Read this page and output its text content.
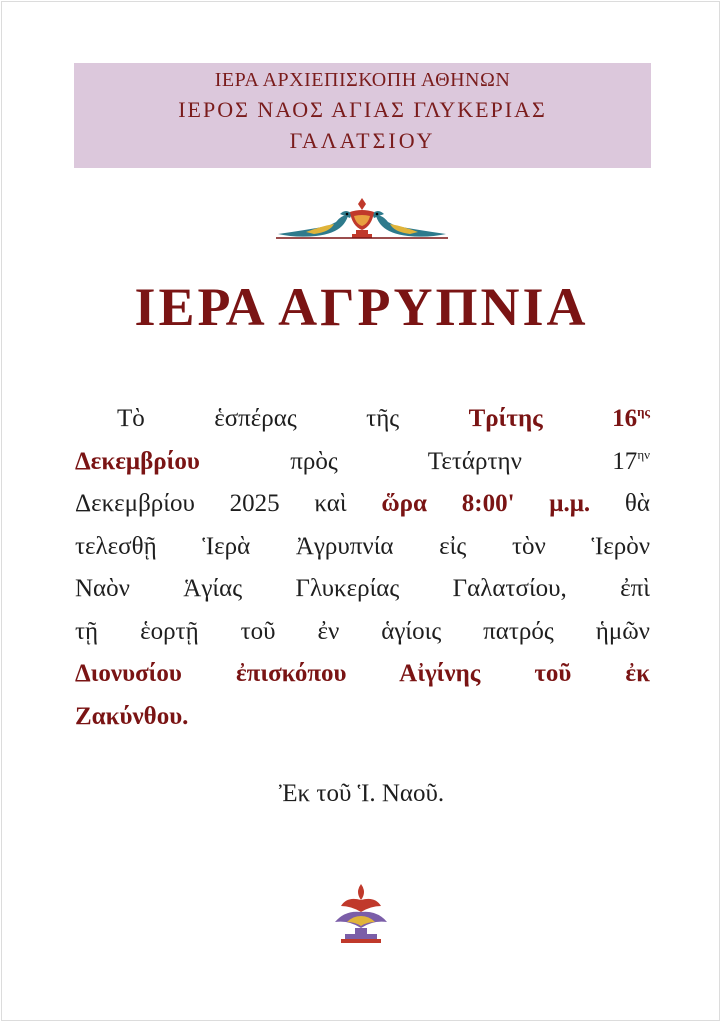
ΙΕΡΑ ΑΡΧΙΕΠΙΣΚΟΠΗ ΑΘΗΝΩΝ
ΙΕΡΟΣ ΝΑΟΣ ΑΓΙΑΣ ΓΛΥΚΕΡΙΑΣ
ΓΑΛΑΤΣΙΟΥ
ΙΕΡΑ ΑΓΡΥΠΝΙΑ
Τὸ ἑσπέρας τῆς Τρίτης $16^{\eta\varsigma}$
Δεκεμβρίου πρὸς Τετάρτην $17^{\eta\nu}$
Δεκεμβρίου 2025 καὶ ὥρα 8:00' μ.μ. θὰ
τελεσθῇ Ἱερὰ Ἀγρυπνία εἰς τὸν Ἱερὸν
Ναὸν Ἁγίας Γλυκερίας Γαλατσίου, ἐπὶ
τῇ ἑορτῇ τοῦ ἐν ἁγίοις πατρός ἡμῶν
Διονυσίου ἐπισκόπου Αἰγίνης τοῦ ἐκ
Ζακύνθου.

Ἐκ τοῦ Ἱ. Ναοῦ.
